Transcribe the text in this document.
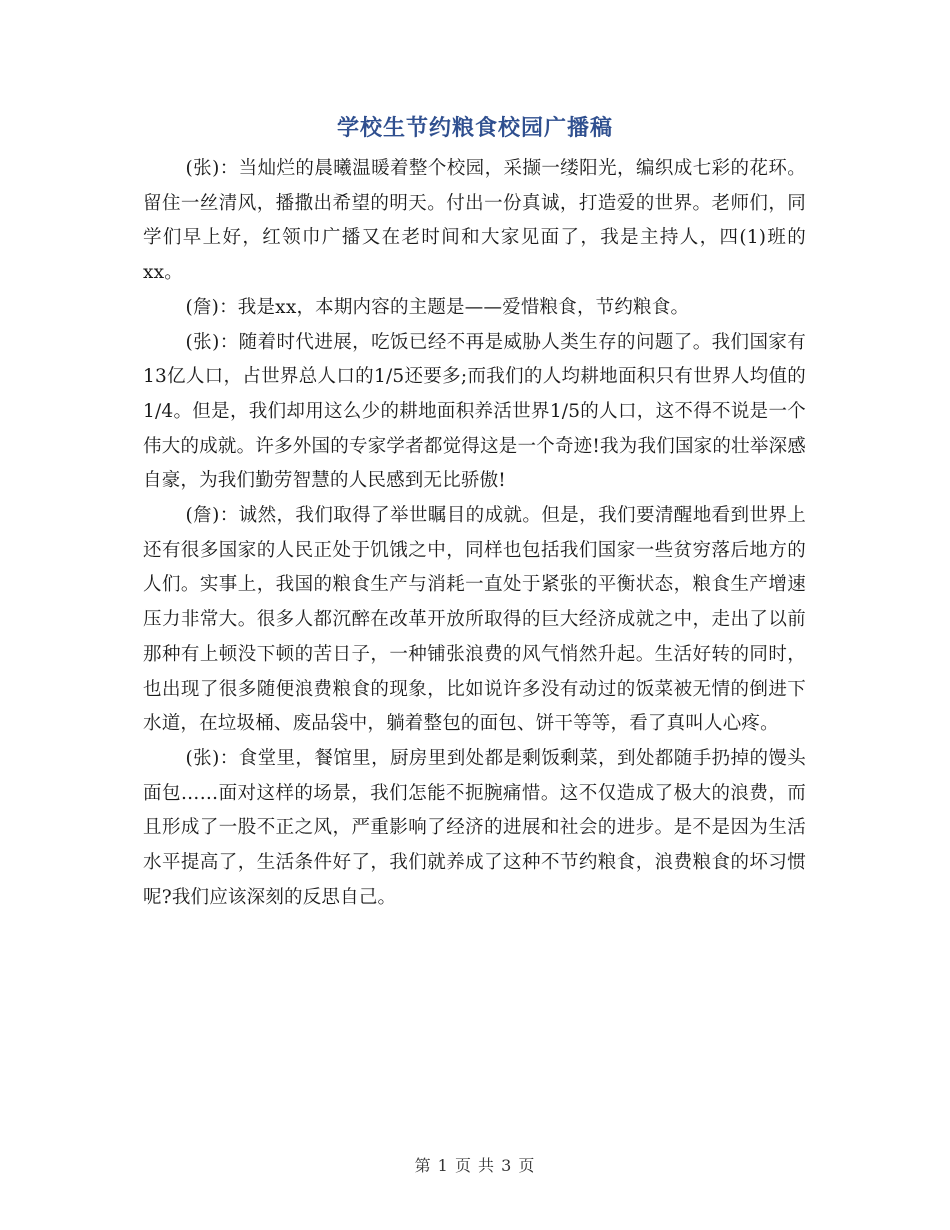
学校生节约粮食校园广播稿

(张)：当灿烂的晨曦温暖着整个校园，采撷一缕阳光，编织成七彩的花环。留住一丝清风，播撒出希望的明天。付出一份真诚，打造爱的世界。老师们，同学们早上好，红领巾广播又在老时间和大家见面了，我是主持人，四(1)班的xx。

(詹)：我是xx，本期内容的主题是——爱惜粮食，节约粮食。

(张)：随着时代进展，吃饭已经不再是威胁人类生存的问题了。我们国家有13亿人口，占世界总人口的1/5还要多;而我们的人均耕地面积只有世界人均值的1/4。但是，我们却用这么少的耕地面积养活世界1/5的人口，这不得不说是一个伟大的成就。许多外国的专家学者都觉得这是一个奇迹!我为我们国家的壮举深感自豪，为我们勤劳智慧的人民感到无比骄傲!

(詹)：诚然，我们取得了举世瞩目的成就。但是，我们要清醒地看到世界上还有很多国家的人民正处于饥饿之中，同样也包括我们国家一些贫穷落后地方的人们。实事上，我国的粮食生产与消耗一直处于紧张的平衡状态，粮食生产增速压力非常大。很多人都沉醉在改革开放所取得的巨大经济成就之中，走出了以前那种有上顿没下顿的苦日子，一种铺张浪费的风气悄然升起。生活好转的同时，也出现了很多随便浪费粮食的现象，比如说许多没有动过的饭菜被无情的倒进下水道，在垃圾桶、废品袋中，躺着整包的面包、饼干等等，看了真叫人心疼。

(张)：食堂里，餐馆里，厨房里到处都是剩饭剩菜，到处都随手扔掉的馒头面包……面对这样的场景，我们怎能不扼腕痛惜。这不仅造成了极大的浪费，而且形成了一股不正之风，严重影响了经济的进展和社会的进步。是不是因为生活水平提高了，生活条件好了，我们就养成了这种不节约粮食，浪费粮食的坏习惯呢?我们应该深刻的反思自己。

第 1 页 共 3 页
